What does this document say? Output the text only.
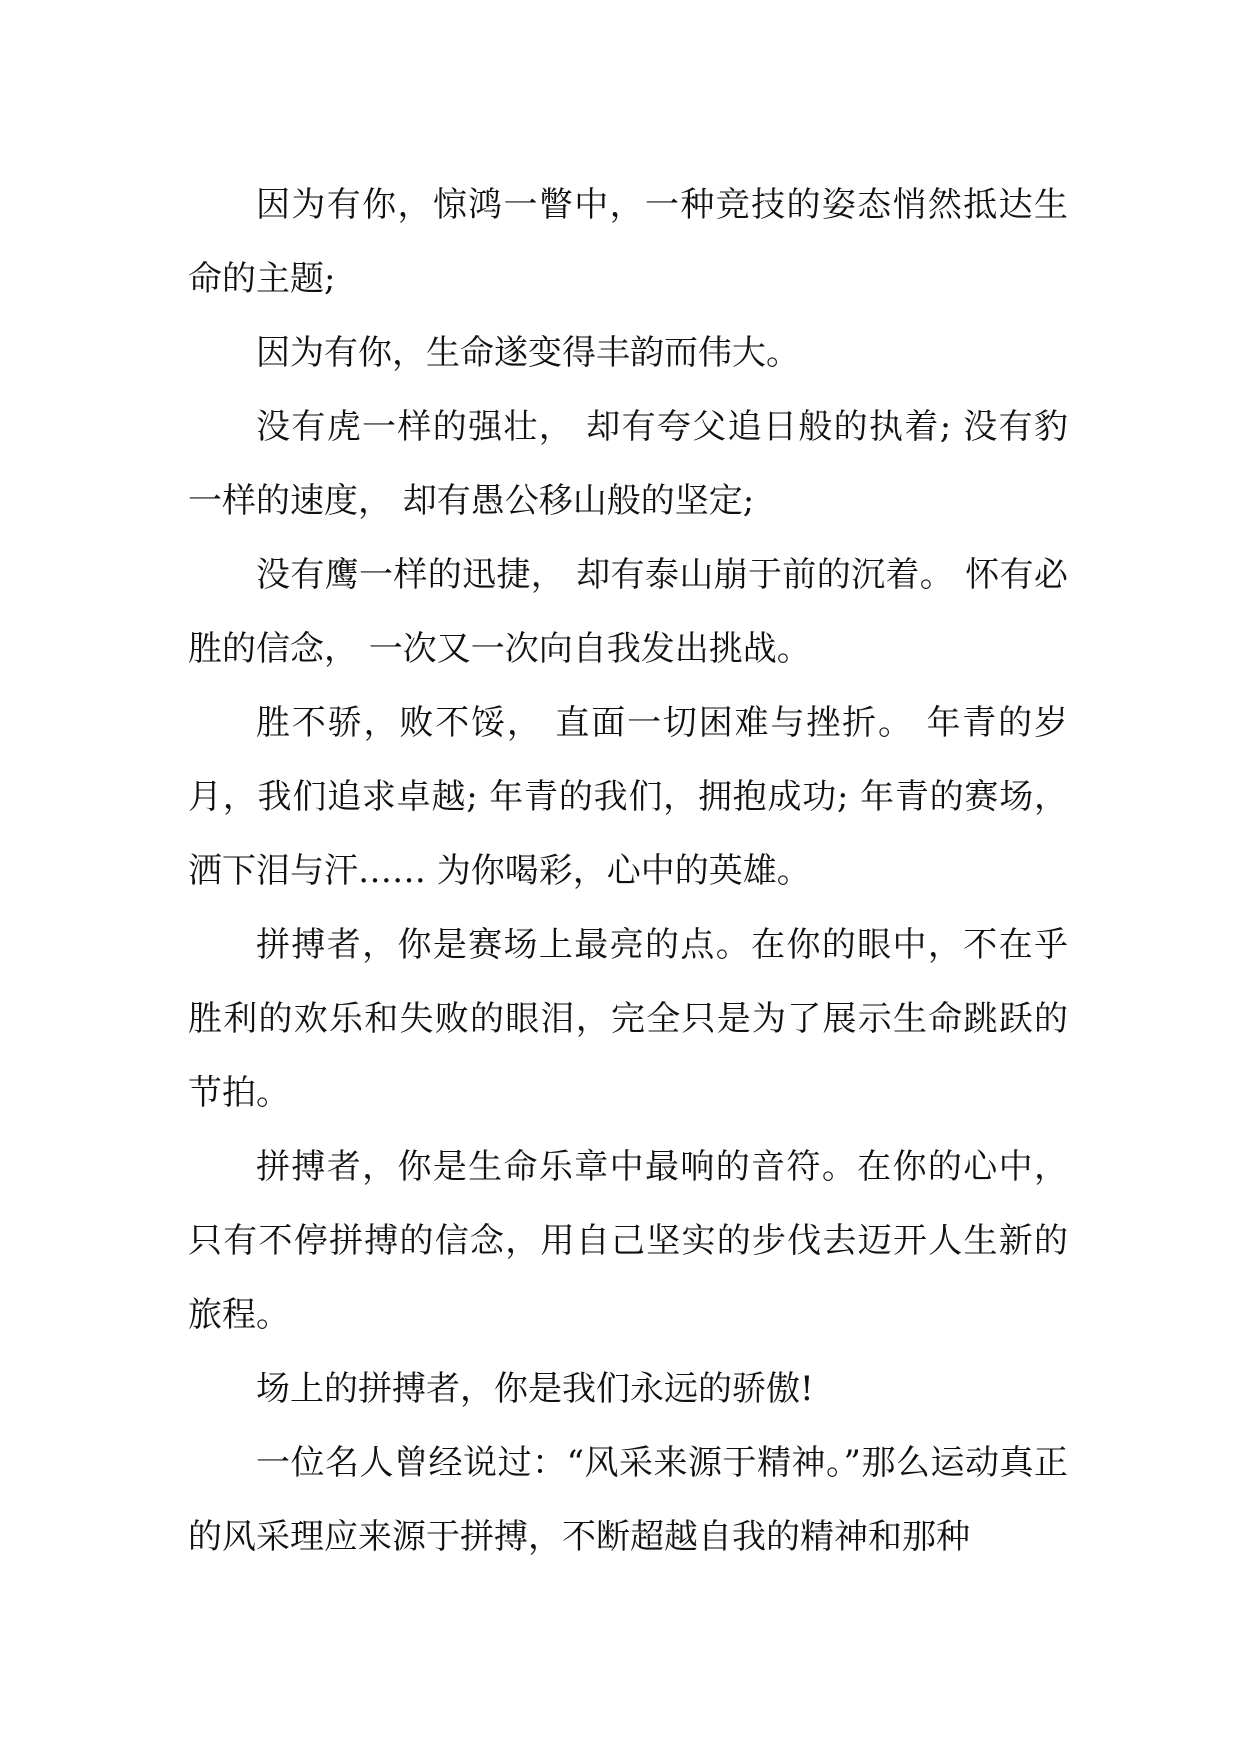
因为有你，惊鸿一瞥中，一种竞技的姿态悄然抵达生命的主题;

因为有你，生命遂变得丰韵而伟大。

没有虎一样的强壮， 却有夸父追日般的执着; 没有豹一样的速度， 却有愚公移山般的坚定;

没有鹰一样的迅捷， 却有泰山崩于前的沉着。 怀有必胜的信念， 一次又一次向自我发出挑战。

胜不骄，败不馁， 直面一切困难与挫折。 年青的岁月，我们追求卓越; 年青的我们，拥抱成功; 年青的赛场，洒下泪与汗…… 为你喝彩，心中的英雄。

拼搏者，你是赛场上最亮的点。在你的眼中，不在乎胜利的欢乐和失败的眼泪，完全只是为了展示生命跳跃的节拍。

拼搏者，你是生命乐章中最响的音符。在你的心中，只有不停拼搏的信念，用自己坚实的步伐去迈开人生新的旅程。

场上的拼搏者，你是我们永远的骄傲!

一位名人曾经说过：“风采来源于精神。”那么运动真正的风采理应来源于拼搏，不断超越自我的精神和那种
